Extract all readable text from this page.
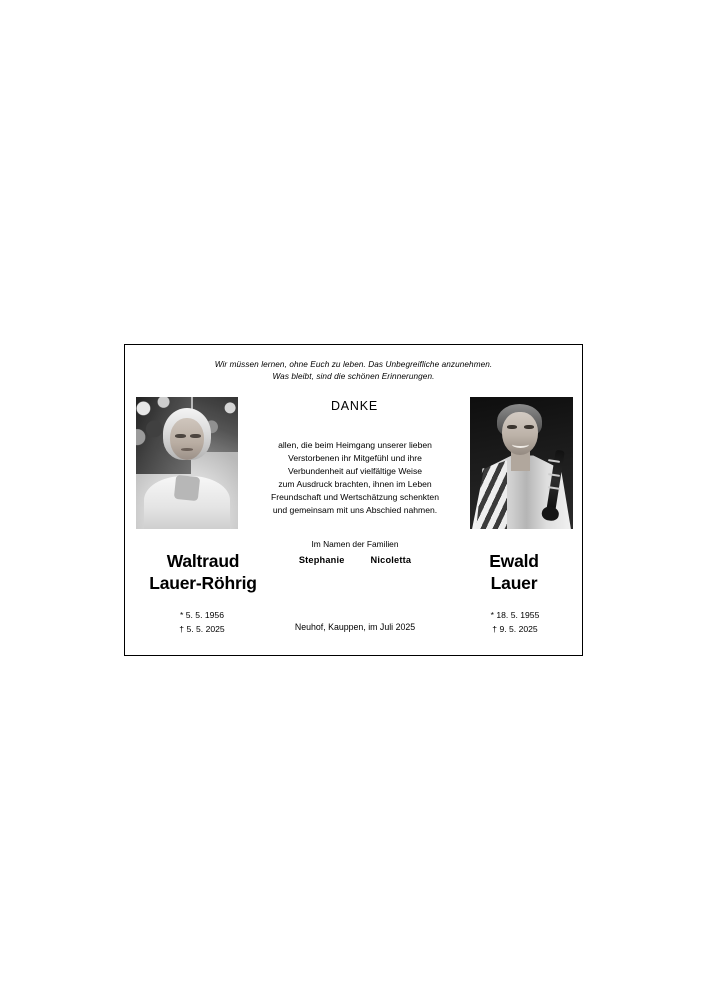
Wir müssen lernen, ohne Euch zu leben. Das Unbegreifliche anzunehmen.
Was bleibt, sind die schönen Erinnerungen.
DANKE
allen, die beim Heimgang unserer lieben
Verstorbenen ihr Mitgefühl und ihre
Verbundenheit auf vielfältige Weise
zum Ausdruck brachten, ihnen im Leben
Freundschaft und Wertschätzung schenkten
und gemeinsam mit uns Abschied nahmen.
Im Namen der Familien
Stephanie	Nicoletta
Waltraud
Lauer-Röhrig
Ewald
Lauer
* 5. 5. 1956
† 5. 5. 2025
* 18. 5. 1955
† 9. 5. 2025
Neuhof, Kauppen, im Juli 2025
